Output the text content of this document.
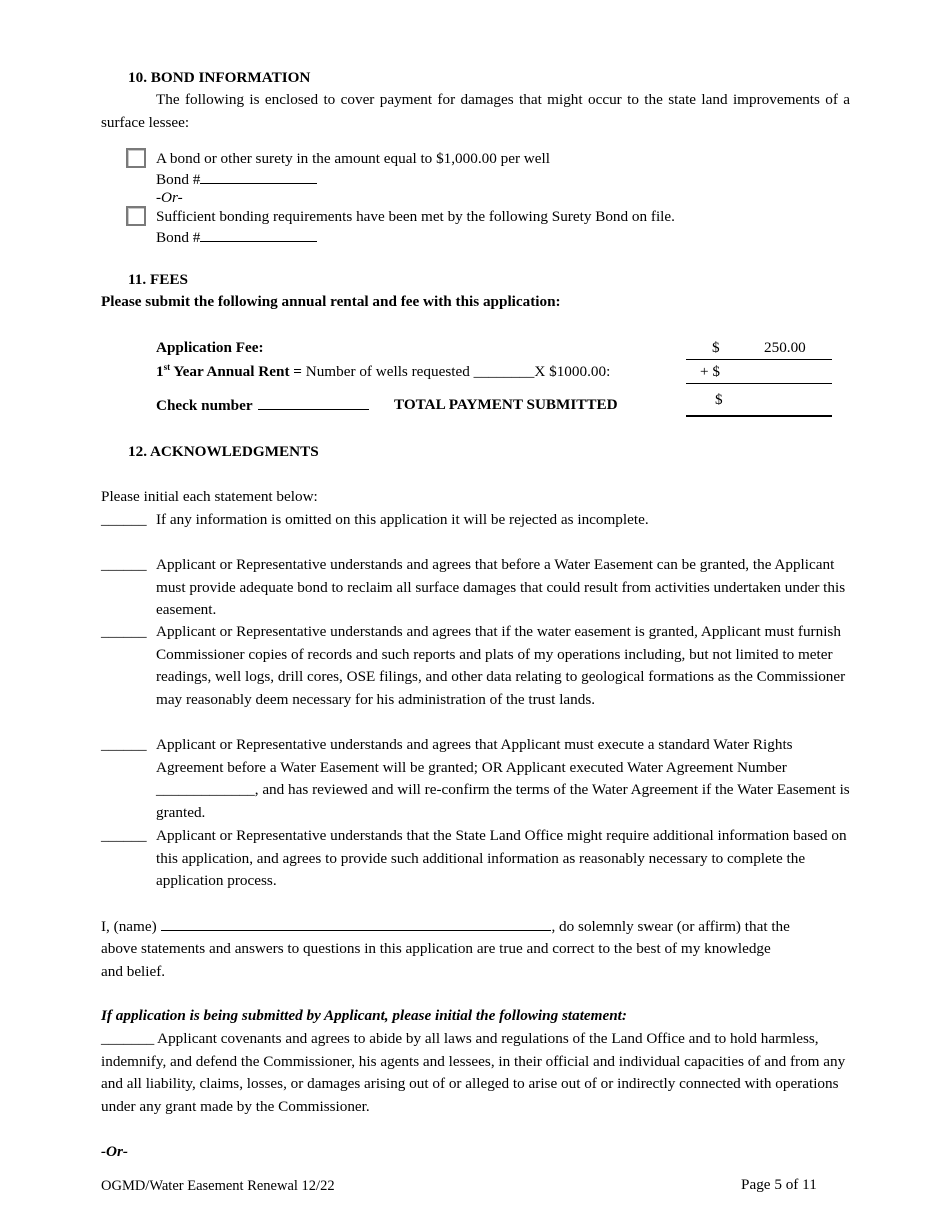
10. BOND INFORMATION
The following is enclosed to cover payment for damages that might occur to the state land improvements of a surface lessee:
A bond or other surety in the amount equal to $1,000.00 per well
Bond #
-Or-
Sufficient bonding requirements have been met by the following Surety Bond on file.
Bond #
11. FEES
Please submit the following annual rental and fee with this application:
Application Fee:	$	250.00
1st Year Annual Rent = Number of wells requested ________X $1000.00:	+ $
Check number	TOTAL PAYMENT SUBMITTED	$
12. ACKNOWLEDGMENTS
Please initial each statement below:
______ If any information is omitted on this application it will be rejected as incomplete.
______ Applicant or Representative understands and agrees that before a Water Easement can be granted, the Applicant must provide adequate bond to reclaim all surface damages that could result from activities undertaken under this easement.
______ Applicant or Representative understands and agrees that if the water easement is granted, Applicant must furnish Commissioner copies of records and such reports and plats of my operations including, but not limited to meter readings, well logs, drill cores, OSE filings, and other data relating to geological formations as the Commissioner may reasonably deem necessary for his administration of the trust lands.
______ Applicant or Representative understands and agrees that Applicant must execute a standard Water Rights Agreement before a Water Easement will be granted; OR Applicant executed Water Agreement Number _____________, and has reviewed and will re-confirm the terms of the Water Agreement if the Water Easement is granted.
______ Applicant or Representative understands that the State Land Office might require additional information based on this application, and agrees to provide such additional information as reasonably necessary to complete the application process.
I, (name)	, do solemnly swear (or affirm) that the
above statements and answers to questions in this application are true and correct to the best of my knowledge and belief.
If application is being submitted by Applicant, please initial the following statement:
_______ Applicant covenants and agrees to abide by all laws and regulations of the Land Office and to hold harmless, indemnify, and defend the Commissioner, his agents and lessees, in their official and individual capacities of and from any and all liability, claims, losses, or damages arising out of or alleged to arise out of or indirectly connected with operations under any grant made by the Commissioner.
-Or-
OGMD/Water Easement Renewal 12/22	Page 5 of 11
